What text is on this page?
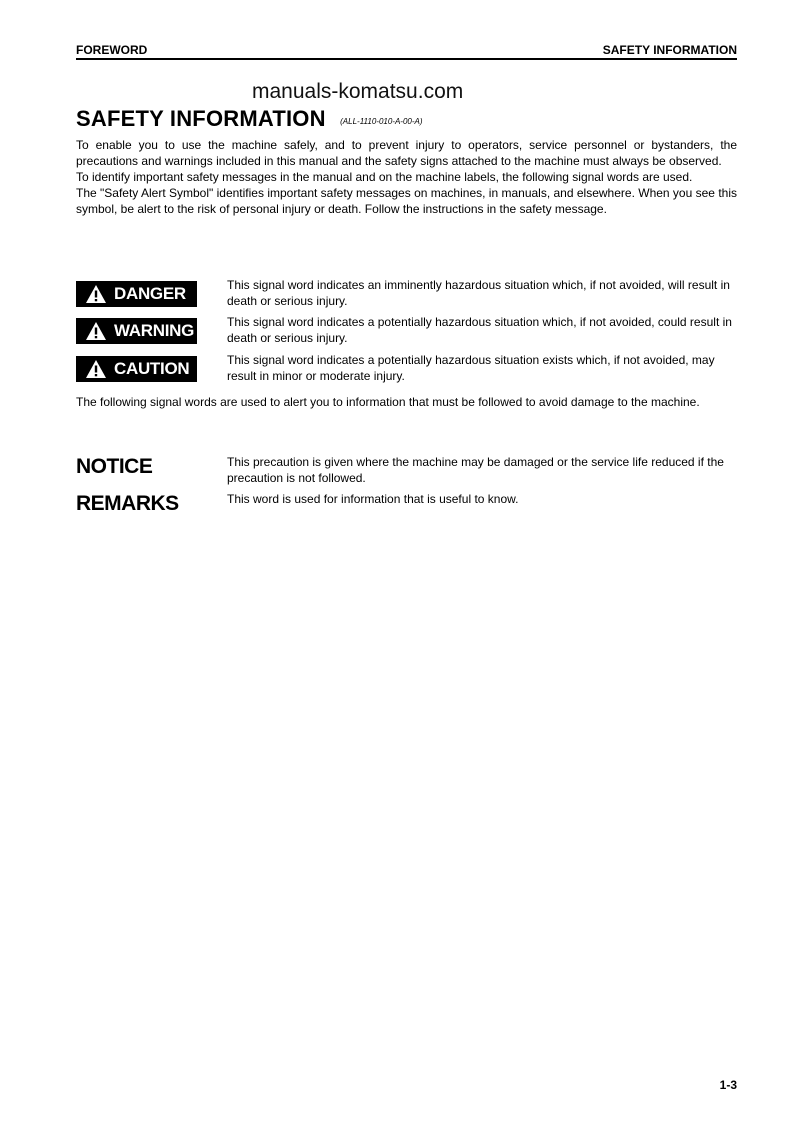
FOREWORD	SAFETY INFORMATION
manuals-komatsu.com
SAFETY INFORMATION (ALL-1110-010-A-00-A)

To enable you to use the machine safely, and to prevent injury to operators, service personnel or bystanders, the precautions and warnings included in this manual and the safety signs attached to the machine must always be observed.

To identify important safety messages in the manual and on the machine labels, the following signal words are used.

The "Safety Alert Symbol" identifies important safety messages on machines, in manuals, and elsewhere. When you see this symbol, be alert to the risk of personal injury or death. Follow the instructions in the safety message.

DANGER	This signal word indicates an imminently hazardous situation which, if not avoided, will result in death or serious injury.
WARNING	This signal word indicates a potentially hazardous situation which, if not avoided, could result in death or serious injury.
CAUTION	This signal word indicates a potentially hazardous situation exists which, if not avoided, may result in minor or moderate injury.

The following signal words are used to alert you to information that must be followed to avoid damage to the machine.

NOTICE	This precaution is given where the machine may be damaged or the service life reduced if the precaution is not followed.
REMARKS	This word is used for information that is useful to know.
1-3
